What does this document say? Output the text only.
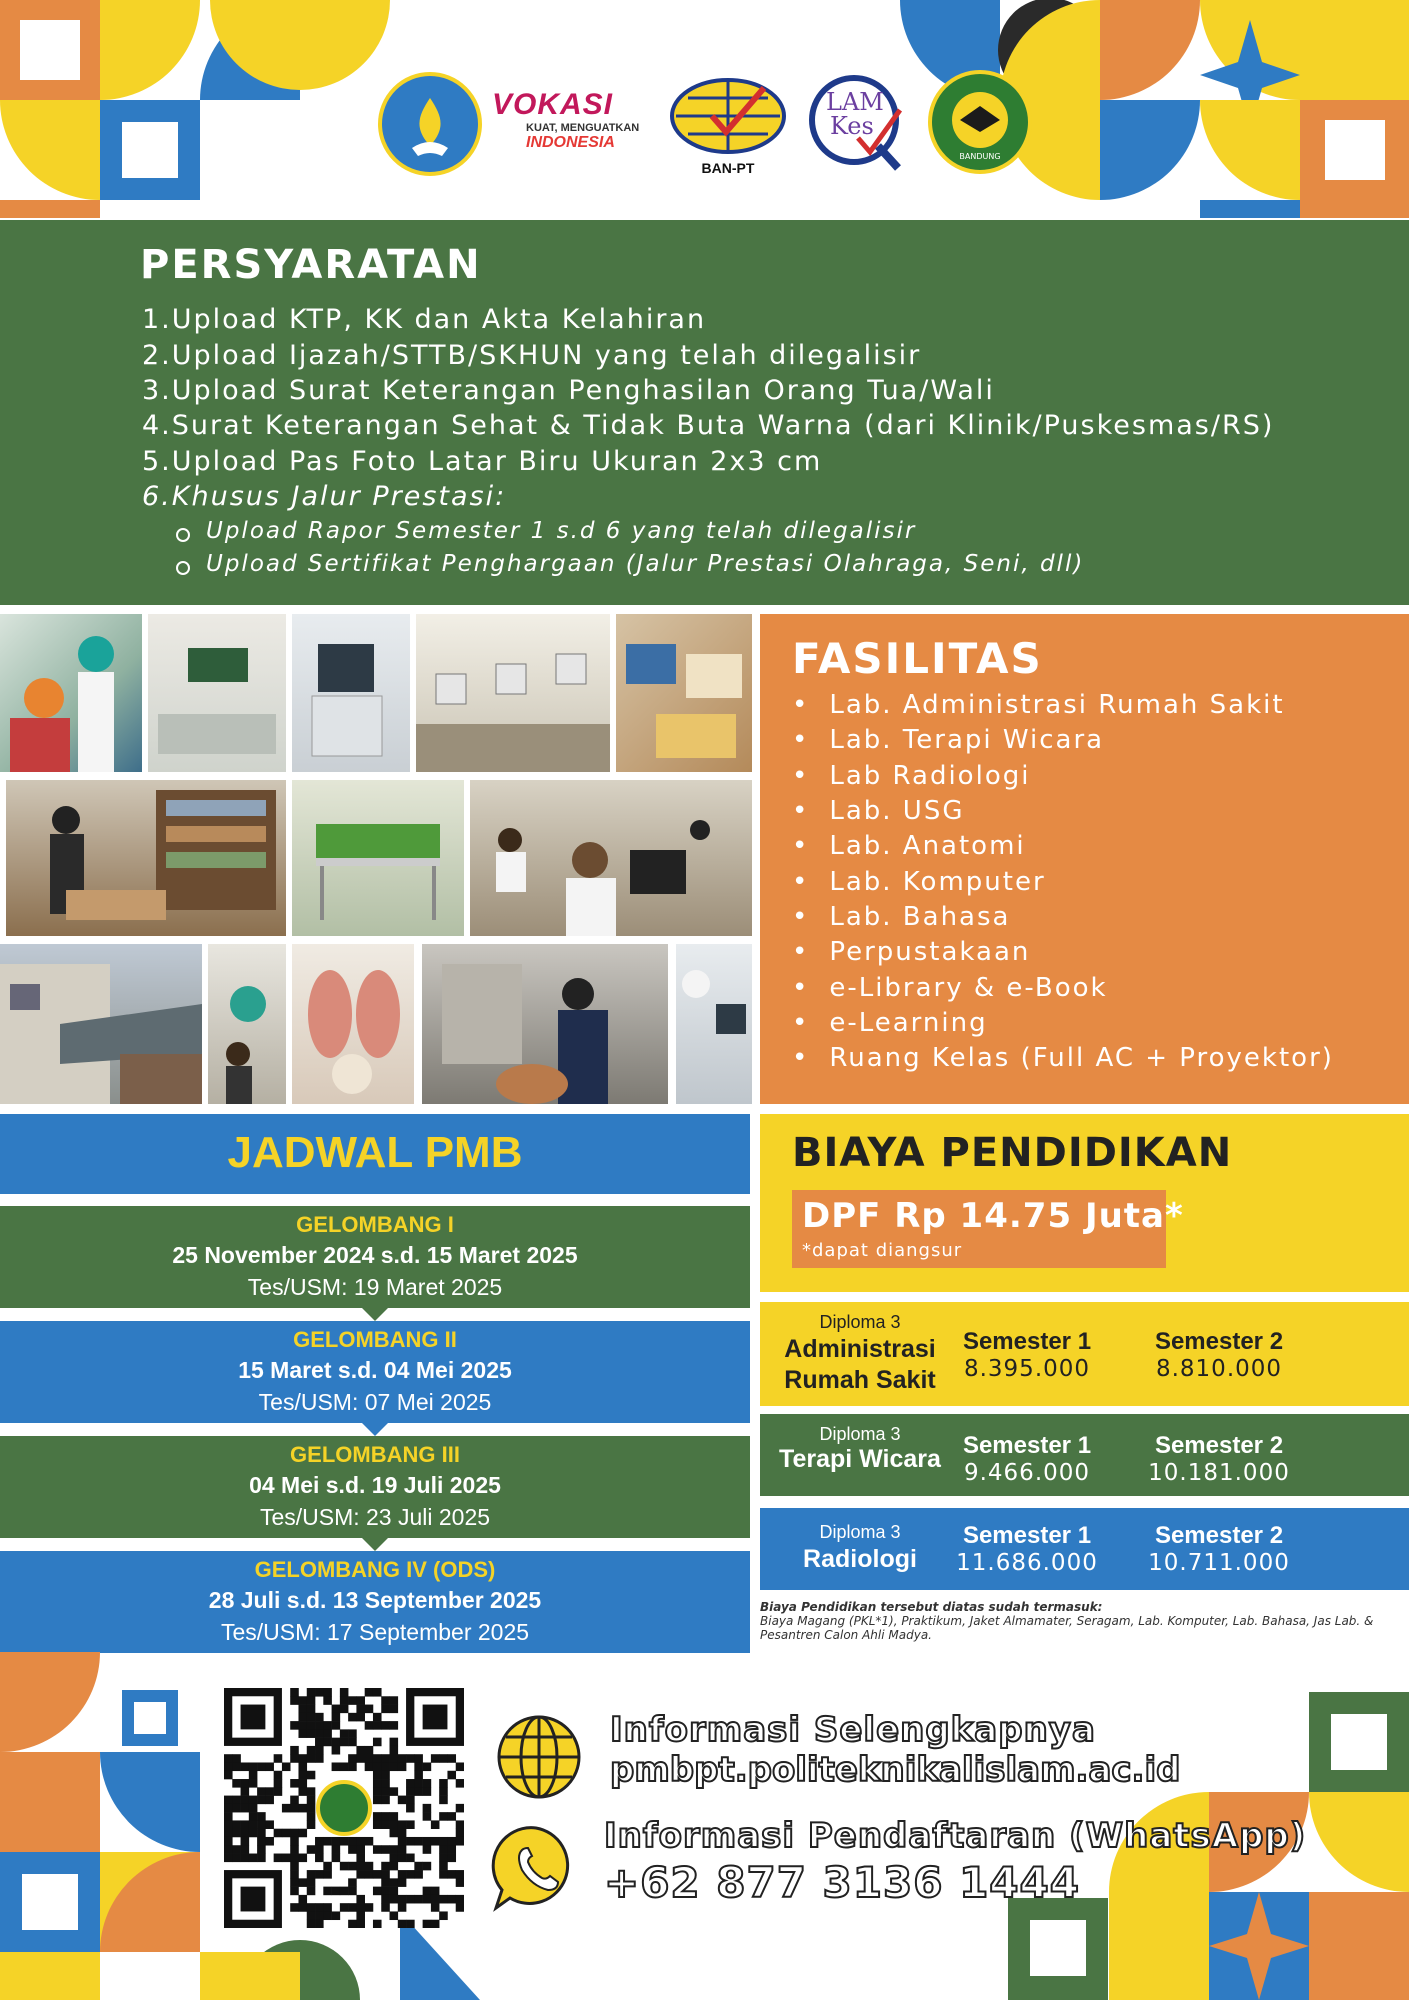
VOKASI
KUAT, MENGUATKAN
INDONESIA
BAN-PT
LAM
Kes
BANDUNG
PERSYARATAN
1.Upload KTP, KK dan Akta Kelahiran
2.Upload Ijazah/STTB/SKHUN yang telah dilegalisir
3.Upload Surat Keterangan Penghasilan Orang Tua/Wali
4.Surat Keterangan Sehat & Tidak Buta Warna (dari Klinik/Puskesmas/RS)
5.Upload Pas Foto Latar Biru Ukuran 2x3 cm
6.Khusus Jalur Prestasi:
Upload Rapor Semester 1 s.d 6 yang telah dilegalisir
Upload Sertifikat Penghargaan (Jalur Prestasi Olahraga, Seni, dll)
FASILITAS
• Lab. Administrasi Rumah Sakit
• Lab. Terapi Wicara
• Lab Radiologi
• Lab. USG
• Lab. Anatomi
• Lab. Komputer
• Lab. Bahasa
• Perpustakaan
• e-Library & e-Book
• e-Learning
• Ruang Kelas (Full AC + Proyektor)
JADWAL PMB
GELOMBANG I
25 November 2024 s.d. 15 Maret 2025
Tes/USM: 19 Maret 2025
GELOMBANG II
15 Maret s.d. 04 Mei 2025
Tes/USM: 07 Mei 2025
GELOMBANG III
04 Mei s.d. 19 Juli 2025
Tes/USM: 23 Juli 2025
GELOMBANG IV (ODS)
28 Juli s.d. 13 September 2025
Tes/USM: 17 September 2025
BIAYA PENDIDIKAN
DPF Rp 14.75 Juta*
*dapat diangsur
Diploma 3
Administrasi
Rumah Sakit
Semester 1
8.395.000
Semester 2
8.810.000
Diploma 3
Terapi Wicara Semester 1
9.466.000
Semester 2
10.181.000
Diploma 3
Radiologi
Semester 1
11.686.000
Semester 2
10.711.000
Biaya Pendidikan tersebut diatas sudah termasuk:
Biaya Magang (PKL*1), Praktikum, Jaket Almamater, Seragam, Lab. Komputer, Lab. Bahasa, Jas Lab. & Pesantren Calon Ahli Madya.
Informasi Selengkapnya
pmbpt.politeknikalislam.ac.id
Informasi Pendaftaran (WhatsApp)
+62 877 3136 1444
